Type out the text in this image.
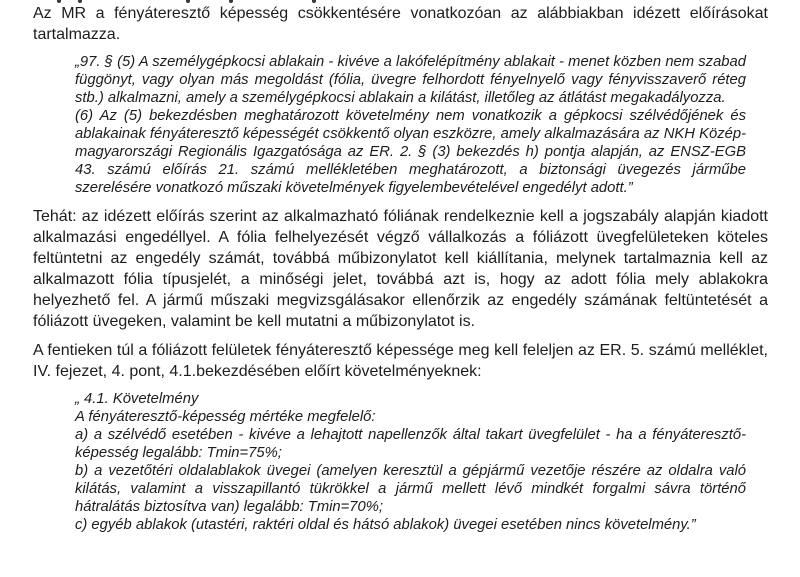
Az MR a fényáteresztő képesség csökkentésére vonatkozóan az alábbiakban idézett előírásokat tartalmazza.

„97. § (5) A személygépkocsi ablakain - kivéve a lakófelépítmény ablakait - menet közben nem szabad függönyt, vagy olyan más megoldást (fólia, üvegre felhordott fényelnyelő vagy fényvisszaverő réteg stb.) alkalmazni, amely a személygépkocsi ablakain a kilátást, illetőleg az átlátást megakadályozza.

(6) Az (5) bekezdésben meghatározott követelmény nem vonatkozik a gépkocsi szélvédőjének és ablakainak fényáteresztő képességét csökkentő olyan eszközre, amely alkalmazására az NKH Közép-magyarországi Regionális Igazgatósága az ER. 2. § (3) bekezdés h) pontja alapján, az ENSZ-EGB 43. számú előírás 21. számú mellékletében meghatározott, a biztonsági üvegezés járműbe szerelésére vonatkozó műszaki követelmények figyelembevételével engedélyt adott.”

Tehát: az idézett előírás szerint az alkalmazható fóliának rendelkeznie kell a jogszabály alapján kiadott alkalmazási engedéllyel. A fólia felhelyezését végző vállalkozás a fóliázott üvegfelületeken köteles feltüntetni az engedély számát, továbbá műbizonylatot kell kiállítania, melynek tartalmaznia kell az alkalmazott fólia típusjelét, a minőségi jelet, továbbá azt is, hogy az adott fólia mely ablakokra helyezhető fel. A jármű műszaki megvizsgálásakor ellenőrzik az engedély számának feltüntetését a fóliázott üvegeken, valamint be kell mutatni a műbizonylatot is.

A fentieken túl a fóliázott felületek fényáteresztő képessége meg kell feleljen az ER. 5. számú melléklet, IV. fejezet, 4. pont, 4.1.bekezdésében előírt követelményeknek:

„ 4.1. Követelmény

A fényáteresztő-képesség mértéke megfelelő:

a) a szélvédő esetében - kivéve a lehajtott napellenzők által takart üvegfelület - ha a fényáteresztő-képesség legalább: Tmin=75%;

b) a vezetőtéri oldalablakok üvegei (amelyen keresztül a gépjármű vezetője részére az oldalra való kilátás, valamint a visszapillantó tükrökkel a jármű mellett lévő mindkét forgalmi sávra történő hátralátás biztosítva van) legalább: Tmin=70%;

c) egyéb ablakok (utastéri, raktéri oldal és hátsó ablakok) üvegei esetében nincs követelmény.”
